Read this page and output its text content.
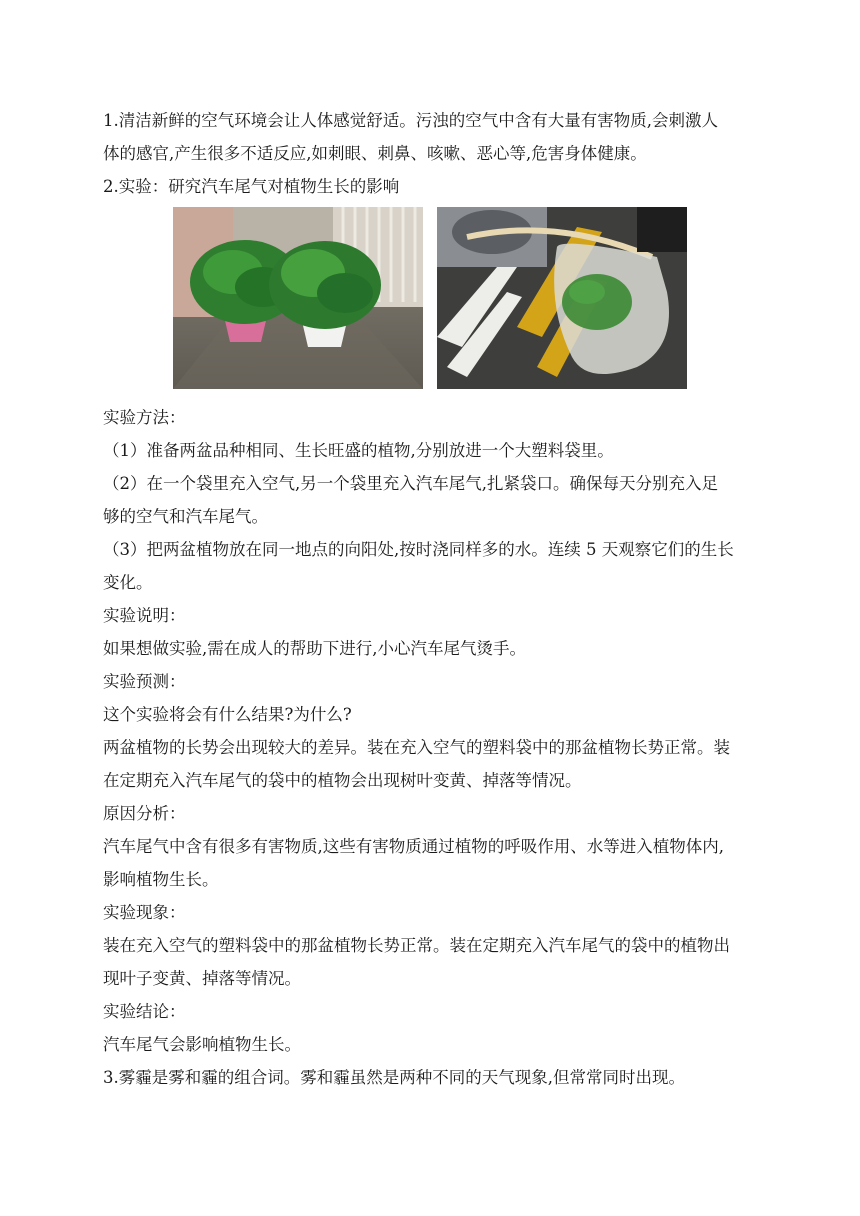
1.清洁新鲜的空气环境会让人体感觉舒适。污浊的空气中含有大量有害物质,会刺激人
体的感官,产生很多不适反应,如刺眼、刺鼻、咳嗽、恶心等,危害身体健康。
2.实验：研究汽车尾气对植物生长的影响
实验方法：
（1）准备两盆品种相同、生长旺盛的植物,分别放进一个大塑料袋里。
（2）在一个袋里充入空气,另一个袋里充入汽车尾气,扎紧袋口。确保每天分别充入足
够的空气和汽车尾气。
（3）把两盆植物放在同一地点的向阳处,按时浇同样多的水。连续 5 天观察它们的生长
变化。
实验说明：
如果想做实验,需在成人的帮助下进行,小心汽车尾气烫手。
实验预测：
这个实验将会有什么结果?为什么?
两盆植物的长势会出现较大的差异。装在充入空气的塑料袋中的那盆植物长势正常。装
在定期充入汽车尾气的袋中的植物会出现树叶变黄、掉落等情况。
原因分析：
汽车尾气中含有很多有害物质,这些有害物质通过植物的呼吸作用、水等进入植物体内,
影响植物生长。
实验现象：
装在充入空气的塑料袋中的那盆植物长势正常。装在定期充入汽车尾气的袋中的植物出
现叶子变黄、掉落等情况。
实验结论：
汽车尾气会影响植物生长。
3.雾霾是雾和霾的组合词。雾和霾虽然是两种不同的天气现象,但常常同时出现。
